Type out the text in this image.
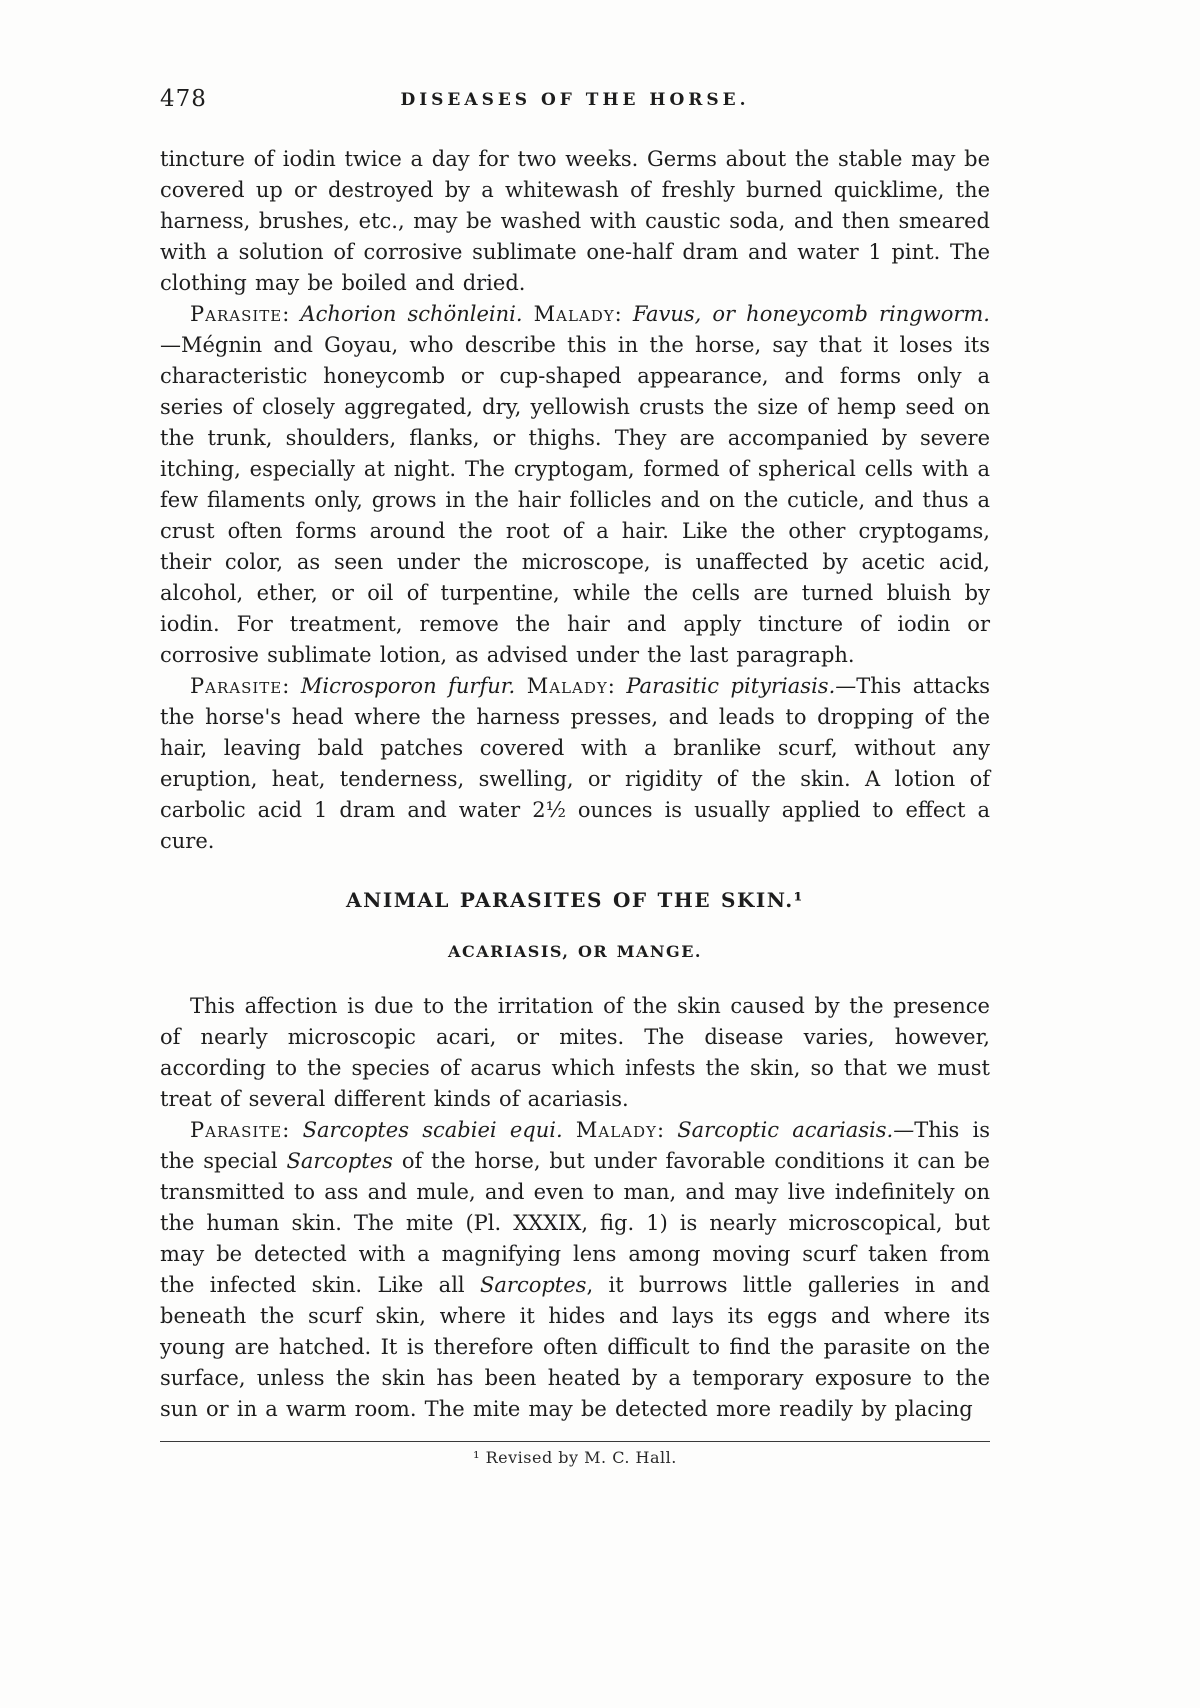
478	DISEASES OF THE HORSE.

tincture of iodin twice a day for two weeks. Germs about the stable may be covered up or destroyed by a whitewash of freshly burned quicklime, the harness, brushes, etc., may be washed with caustic soda, and then smeared with a solution of corrosive sublimate one-half dram and water 1 pint. The clothing may be boiled and dried.

Parasite: Achorion schönleini. Malady: Favus, or honeycomb ringworm.—Mégnin and Goyau, who describe this in the horse, say that it loses its characteristic honeycomb or cup-shaped appearance, and forms only a series of closely aggregated, dry, yellowish crusts the size of hemp seed on the trunk, shoulders, flanks, or thighs. They are accompanied by severe itching, especially at night. The cryptogam, formed of spherical cells with a few filaments only, grows in the hair follicles and on the cuticle, and thus a crust often forms around the root of a hair. Like the other cryptogams, their color, as seen under the microscope, is unaffected by acetic acid, alcohol, ether, or oil of turpentine, while the cells are turned bluish by iodin. For treatment, remove the hair and apply tincture of iodin or corrosive sublimate lotion, as advised under the last paragraph.

Parasite: Microsporon furfur. Malady: Parasitic pityriasis.—This attacks the horse's head where the harness presses, and leads to dropping of the hair, leaving bald patches covered with a branlike scurf, without any eruption, heat, tenderness, swelling, or rigidity of the skin. A lotion of carbolic acid 1 dram and water 2½ ounces is usually applied to effect a cure.

ANIMAL PARASITES OF THE SKIN.¹
ACARIASIS, OR MANGE.

This affection is due to the irritation of the skin caused by the presence of nearly microscopic acari, or mites. The disease varies, however, according to the species of acarus which infests the skin, so that we must treat of several different kinds of acariasis.

Parasite: Sarcoptes scabiei equi. Malady: Sarcoptic acariasis.—This is the special Sarcoptes of the horse, but under favorable conditions it can be transmitted to ass and mule, and even to man, and may live indefinitely on the human skin. The mite (Pl. XXXIX, fig. 1) is nearly microscopical, but may be detected with a magnifying lens among moving scurf taken from the infected skin. Like all Sarcoptes, it burrows little galleries in and beneath the scurf skin, where it hides and lays its eggs and where its young are hatched. It is therefore often difficult to find the parasite on the surface, unless the skin has been heated by a temporary exposure to the sun or in a warm room. The mite may be detected more readily by placing

¹ Revised by M. C. Hall.
